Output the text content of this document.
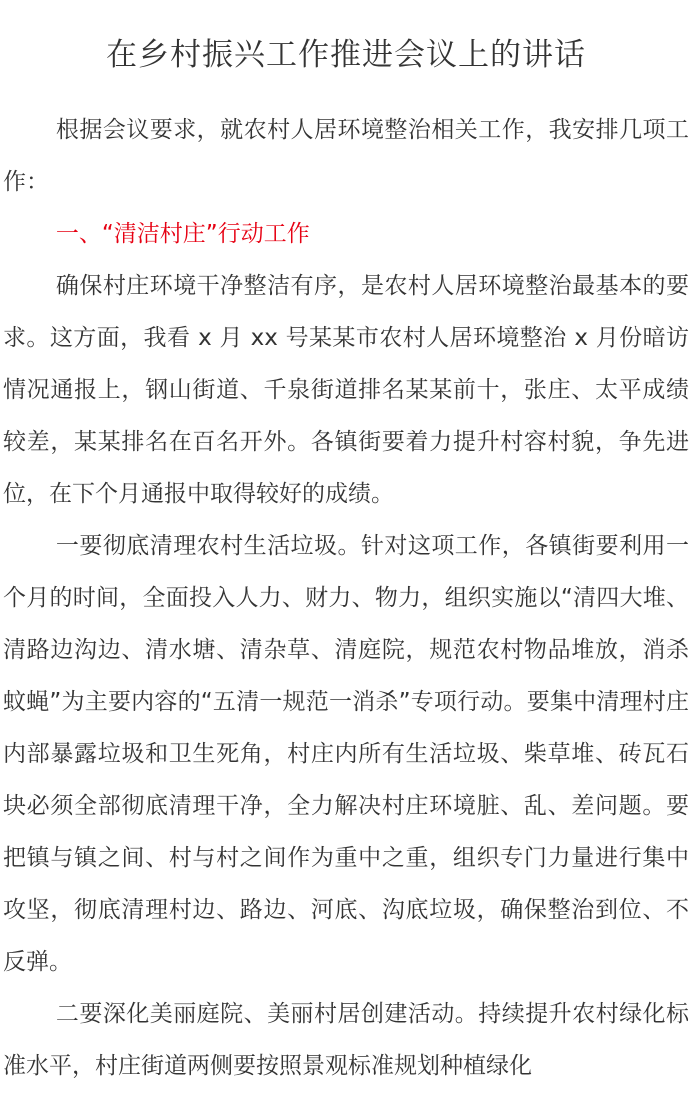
在乡村振兴工作推进会议上的讲话

根据会议要求，就农村人居环境整治相关工作，我安排几项工作：

一、“清洁村庄”行动工作

确保村庄环境干净整洁有序，是农村人居环境整治最基本的要求。这方面，我看 x 月 xx 号某某市农村人居环境整治 x 月份暗访情况通报上，钢山街道、千泉街道排名某某前十，张庄、太平成绩较差，某某排名在百名开外。各镇街要着力提升村容村貌，争先进位，在下个月通报中取得较好的成绩。

一要彻底清理农村生活垃圾。针对这项工作，各镇街要利用一个月的时间，全面投入人力、财力、物力，组织实施以“清四大堆、清路边沟边、清水塘、清杂草、清庭院，规范农村物品堆放，消杀蚊蝇”为主要内容的“五清一规范一消杀”专项行动。要集中清理村庄内部暴露垃圾和卫生死角，村庄内所有生活垃圾、柴草堆、砖瓦石块必须全部彻底清理干净，全力解决村庄环境脏、乱、差问题。要把镇与镇之间、村与村之间作为重中之重，组织专门力量进行集中攻坚，彻底清理村边、路边、河底、沟底垃圾，确保整治到位、不反弹。

二要深化美丽庭院、美丽村居创建活动。持续提升农村绿化标准水平，村庄街道两侧要按照景观标准规划种植绿化
